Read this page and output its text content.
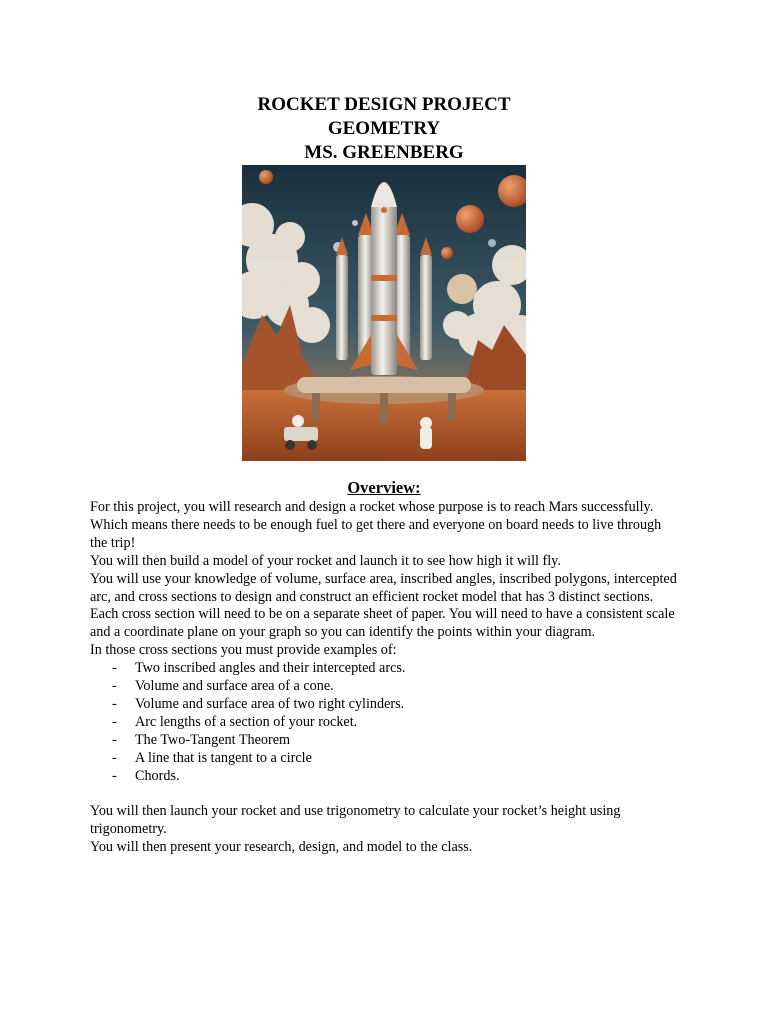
ROCKET DESIGN PROJECT

GEOMETRY

MS. GREENBERG

Overview:

For this project, you will research and design a rocket whose purpose is to reach Mars successfully. Which means there needs to be enough fuel to get there and everyone on board needs to live through the trip!

You will then build a model of your rocket and launch it to see how high it will fly.

You will use your knowledge of volume, surface area, inscribed angles, inscribed polygons, intercepted arc, and cross sections to design and construct an efficient rocket model that has 3 distinct sections.

Each cross section will need to be on a separate sheet of paper. You will need to have a consistent scale and a coordinate plane on your graph so you can identify the points within your diagram.

In those cross sections you must provide examples of:

- Two inscribed angles and their intercepted arcs.
- Volume and surface area of a cone.
- Volume and surface area of two right cylinders.
- Arc lengths of a section of your rocket.
- The Two-Tangent Theorem
- A line that is tangent to a circle
- Chords.

You will then launch your rocket and use trigonometry to calculate your rocket’s height using trigonometry.

You will then present your research, design, and model to the class.
